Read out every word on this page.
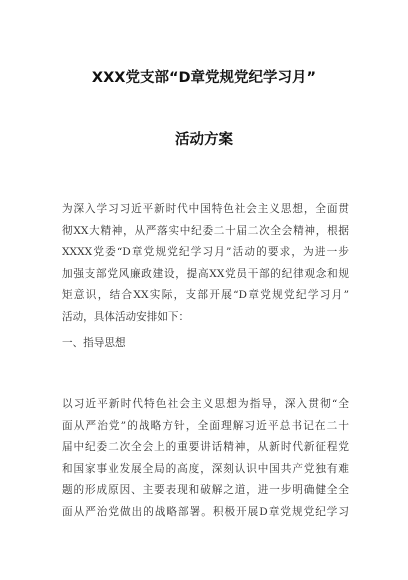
XXX党支部“D章党规党纪学习月”
活动方案
为深入学习习近平新时代中国特色社会主义思想，全面贯
彻XX大精神，从严落实中纪委二十届二次全会精神，根据
XXXX党委“D章党规党纪学习月”活动的要求，为进一步
加强支部党风廉政建设，提高XX党员干部的纪律观念和规
矩意识，结合XX实际，支部开展“D章党规党纪学习月”
活动，具体活动安排如下：

一、指导思想

以习近平新时代特色社会主义思想为指导，深入贯彻“全
面从严治党”的战略方针，全面理解习近平总书记在二十
届中纪委二次全会上的重要讲话精神，从新时代新征程党
和国家事业发展全局的高度，深刻认识中国共产党独有难
题的形成原因、主要表现和破解之道，进一步明确健全全
面从严治党做出的战略部署。积极开展D章党规党纪学习
